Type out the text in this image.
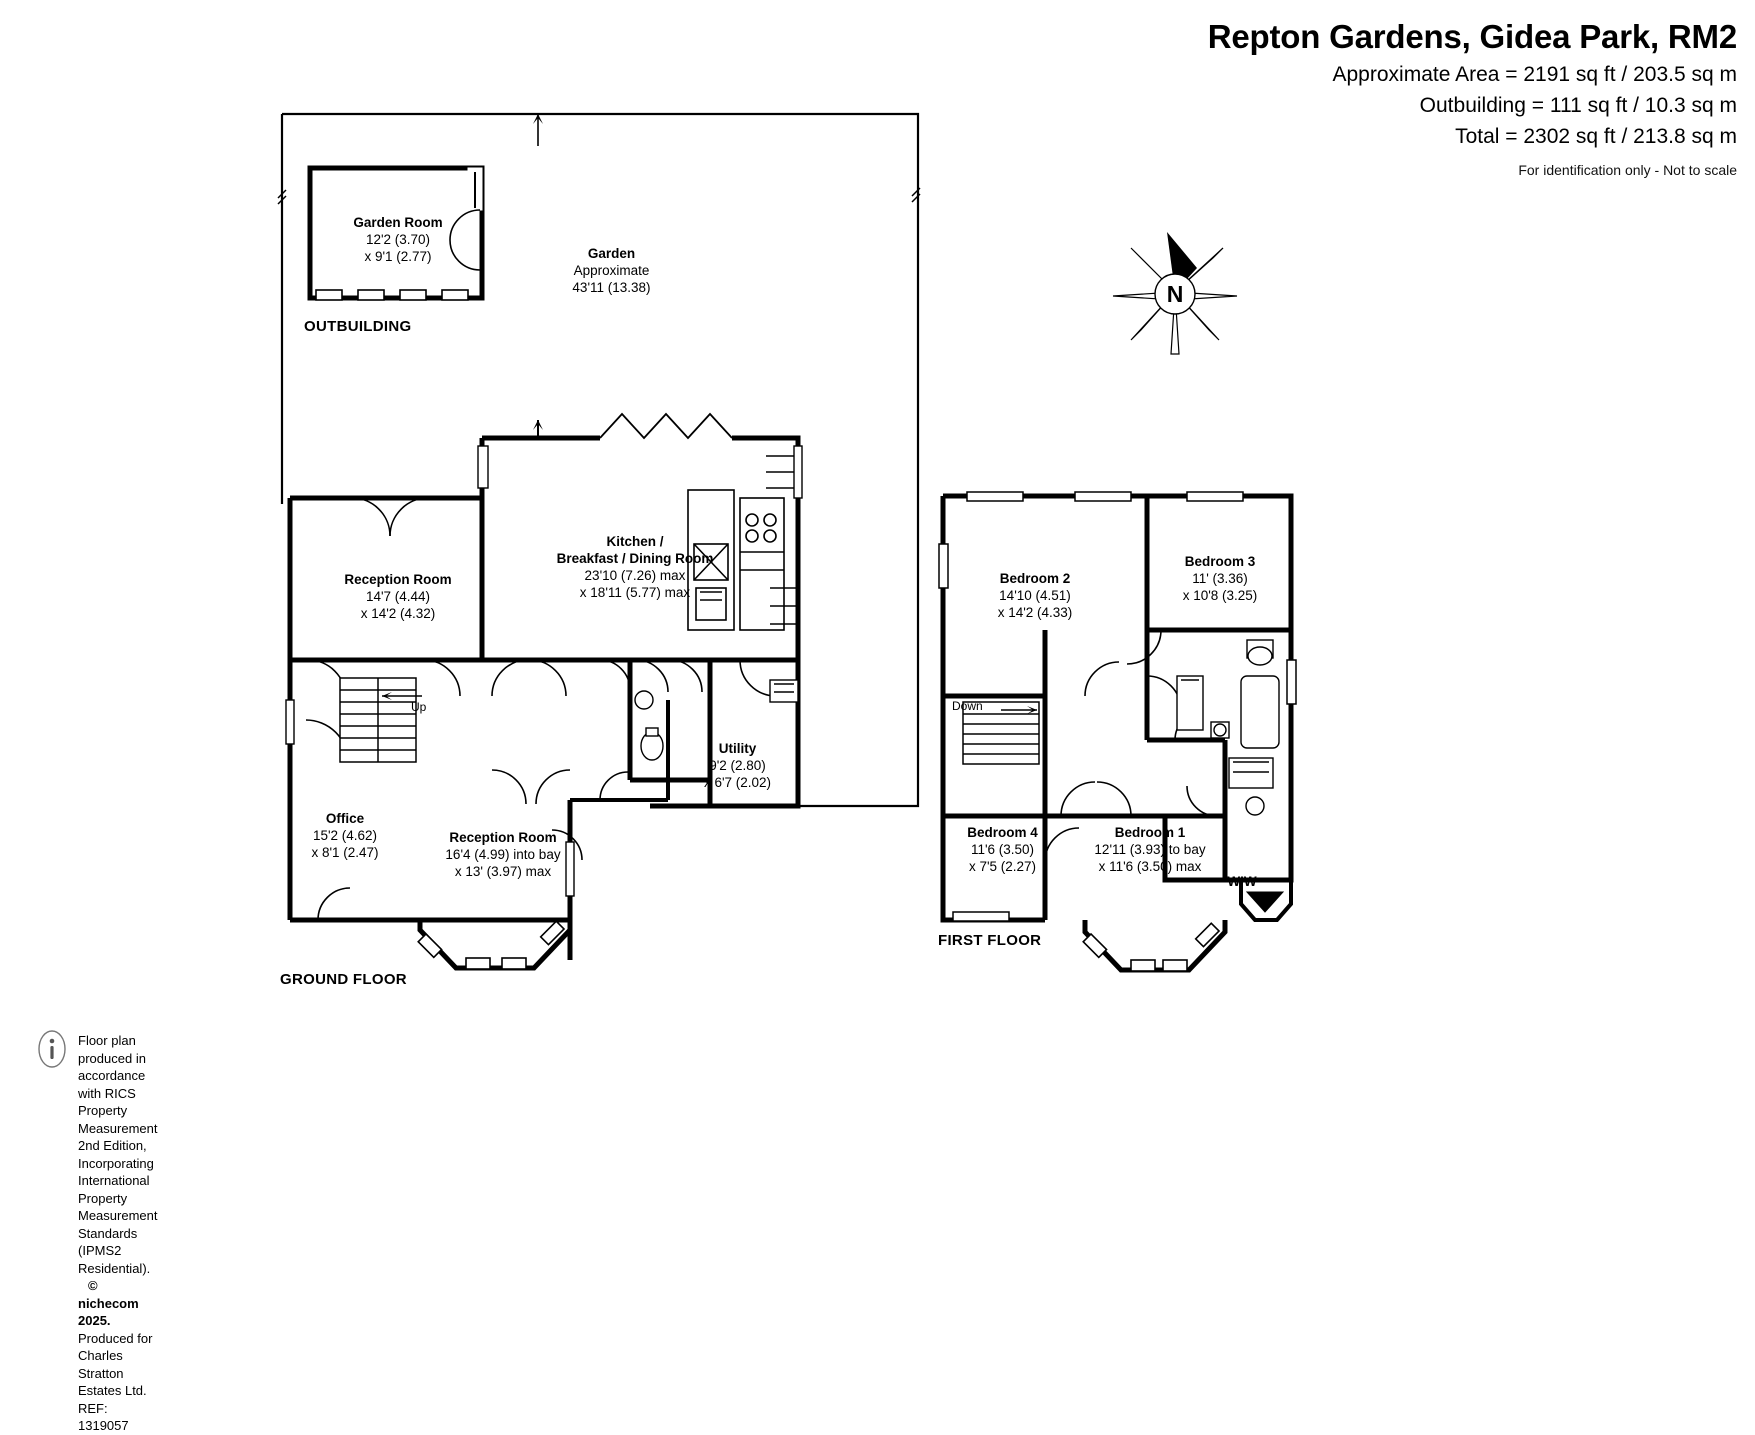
Repton Gardens, Gidea Park, RM2
Approximate Area = 2191 sq ft / 203.5 sq m
Outbuilding = 111 sq ft / 10.3 sq m
Total = 2302 sq ft / 213.8 sq m
For identification only - Not to scale
N
Garden Room
12'2 (3.70)
x 9'1 (2.77)
OUTBUILDING
Garden
Approximate
43'11 (13.38)
Kitchen /
Breakfast / Dining Room
23'10 (7.26) max
x 18'11 (5.77) max
Reception Room
14'7 (4.44)
x 14'2 (4.32)
Office
15'2 (4.62)
x 8'1 (2.47)
Reception Room
16'4 (4.99) into bay
x 13' (3.97) max
Utility
9'2 (2.80)
x 6'7 (2.02)
Up
GROUND FLOOR
Bedroom 2
14'10 (4.51)
x 14'2 (4.33)
Bedroom 3
11' (3.36)
x 10'8 (3.25)
Bedroom 4
11'6 (3.50)
x 7'5 (2.27)
Bedroom 1
12'11 (3.93) to bay
x 11'6 (3.50) max
WIW
Down
FIRST FLOOR
Floor plan produced in accordance with RICS Property Measurement 2nd Edition,
Incorporating International Property Measurement Standards (IPMS2 Residential). © nichecom 2025.
Produced for Charles Stratton Estates Ltd. REF: 1319057
